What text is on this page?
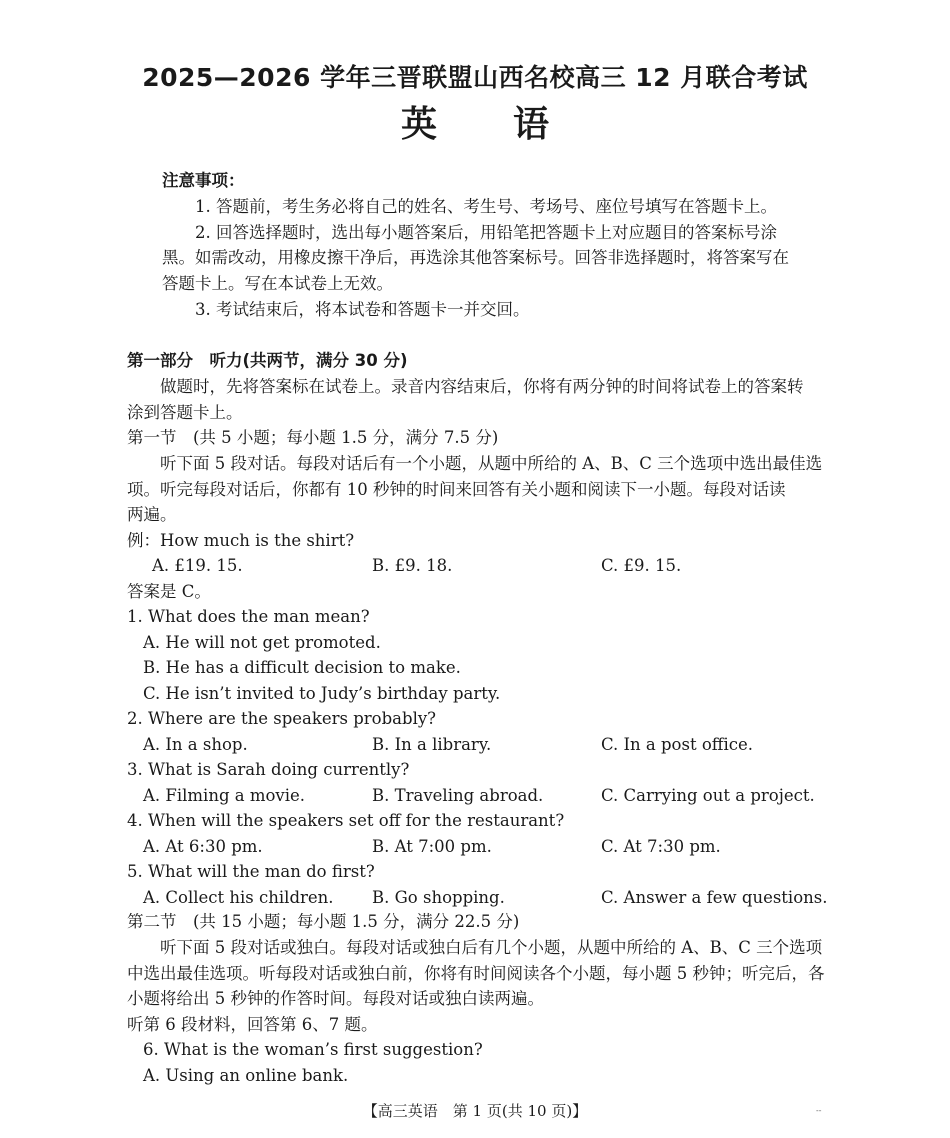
2025—2026 学年三晋联盟山西名校高三 12 月联合考试
英 语
注意事项：
1. 答题前，考生务必将自己的姓名、考生号、考场号、座位号填写在答题卡上。
2. 回答选择题时，选出每小题答案后，用铅笔把答题卡上对应题目的答案标号涂
黑。如需改动，用橡皮擦干净后，再选涂其他答案标号。回答非选择题时，将答案写在
答题卡上。写在本试卷上无效。
3. 考试结束后，将本试卷和答题卡一并交回。
第一部分　听力(共两节，满分 30 分)
做题时，先将答案标在试卷上。录音内容结束后，你将有两分钟的时间将试卷上的答案转
涂到答题卡上。
第一节　(共 5 小题；每小题 1.5 分，满分 7.5 分)
听下面 5 段对话。每段对话后有一个小题，从题中所给的 A、B、C 三个选项中选出最佳选
项。听完每段对话后，你都有 10 秒钟的时间来回答有关小题和阅读下一小题。每段对话读
两遍。
例：How much is the shirt?
A. £19. 15.	B. £9. 18.	C. £9. 15.
答案是 C。
1. What does the man mean?
A. He will not get promoted.
B. He has a difficult decision to make.
C. He isn’t invited to Judy’s birthday party.
2. Where are the speakers probably?
A. In a shop.	B. In a library.	C. In a post office.
3. What is Sarah doing currently?
A. Filming a movie.	B. Traveling abroad.	C. Carrying out a project.
4. When will the speakers set off for the restaurant?
A. At 6:30 pm.	B. At 7:00 pm.	C. At 7:30 pm.
5. What will the man do first?
A. Collect his children. B. Go shopping.	C. Answer a few questions.
第二节　(共 15 小题；每小题 1.5 分，满分 22.5 分)
听下面 5 段对话或独白。每段对话或独白后有几个小题，从题中所给的 A、B、C 三个选项
中选出最佳选项。听每段对话或独白前，你将有时间阅读各个小题，每小题 5 秒钟；听完后，各
小题将给出 5 秒钟的作答时间。每段对话或独白读两遍。
听第 6 段材料，回答第 6、7 题。
6. What is the woman’s first suggestion?
A. Using an online bank.
【高三英语　第 1 页(共 10 页)】	--
